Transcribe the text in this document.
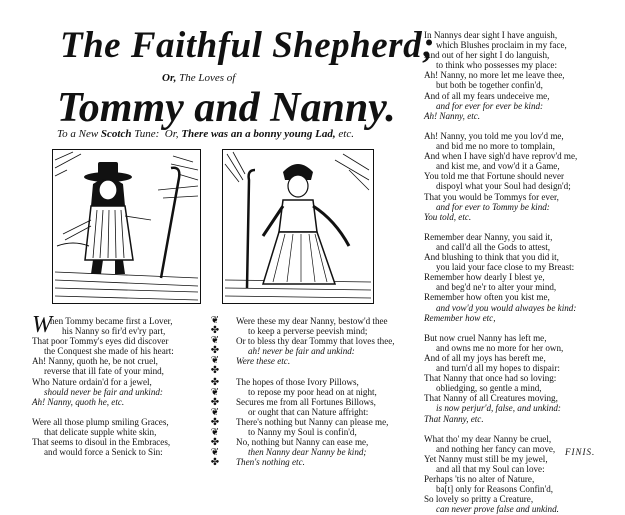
The Faithful Shepherd;
Or, The Loves of
Tommy and Nanny.
To a New Scotch Tune: Or, There was an a bonny young Lad, etc.
W
hen Tommy became first a Lover,
his Nanny so fir'd ev'ry part,
That poor Tommy's eyes did discover
the Conquest she made of his heart:
Ah! Nanny, quoth he, be not cruel,
reverse that ill fate of your mind,
Who Nature ordain'd for a jewel,
should never be fair and unkind:
Ah! Nanny, quoth he, etc.

Were all those plump smiling Graces,
that delicate supple white skin,
That seems to disoul in the Embraces,
and would force a Senick to Sin:
❦
✤
❦
✤
❦
✤
✤
❦
✤
❦
✤
❦
✤
❦
✤
Were these my dear Nanny, bestow'd thee
to keep a perverse peevish mind;
Or to bless thy dear Tommy that loves thee,
ah! never be fair and unkind:
Were these etc.

The hopes of those Ivory Pillows,
to repose my poor head on at night,
Secures me from all Fortunes Billows,
or ought that can Nature affright:
There's nothing but Nanny can please me,
to Nanny my Soul is confin'd,
No, nothing but Nanny can ease me,
then Nanny dear Nanny be kind;
Then's nothing etc.
In Nannys dear sight I have anguish,
which Blushes proclaim in my face,
And out of her sight I do languish,
to think who possesses my place:
Ah! Nanny, no more let me leave thee,
but both be together confin'd,
And of all my fears undeceive me,
and for ever for ever be kind:
Ah! Nanny, etc.

Ah! Nanny, you told me you lov'd me,
and bid me no more to tomplain,
And when I have sigh'd have reprov'd me,
and kist me, and vow'd it a Game,
You told me that Fortune should never
dispoyl what your Soul had design'd;
That you would be Tommys for ever,
and for ever to Tommy be kind:
You told, etc.

Remember dear Nanny, you said it,
and call'd all the Gods to attest,
And blushing to think that you did it,
you laid your face close to my Breast:
Remember how dearly I blest ye,
and beg'd ne'r to alter your mind,
Remember how often you kist me,
and vow'd you would alwayes be kind:
Remember how etc,

But now cruel Nanny has left me,
and owns me no more for her own,
And of all my joys has bereft me,
and turn'd all my hopes to dispair:
That Nanny that once had so loving:
obliedging, so gentle a mind,
That Nanny of all Creatures moving,
is now perjur'd, false, and unkind:
That Nanny, etc.

What tho' my dear Nanny be cruel,
and nothing her fancy can move,
Yet Nanny must still be my jewel,
and all that my Soul can love:
Perhaps 'tis no alter of Nature,
ba[t] only for Reasons Confin'd,
So lovely so pritty a Creature,
can never prove false and unkind.
FINIS.
